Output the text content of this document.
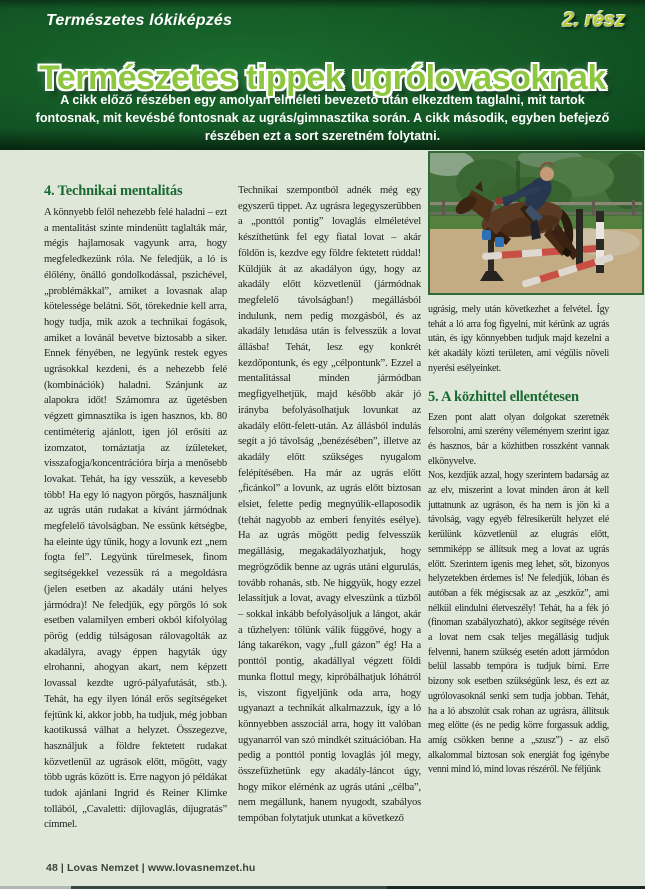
Természetes lókiképzés	2. rész
Természetes tippek ugrólovasoknak

A cikk előző részében egy amolyan elméleti bevezető után elkezdtem taglalni, mit tartok fontosnak, mit kevésbé fontosnak az ugrás/gimnasztika során. A cikk második, egyben befejező részében ezt a sort szeretném folytatni.

4. Technikai mentalitás

A könnyebb felől nehezebb felé haladni – ezt a mentalitást szinte mindenütt taglalták már, mégis hajlamosak vagyunk arra, hogy megfeledkezünk róla. Ne feledjük, a ló is élőlény, önálló gondolkodással, pszichével, „problémákkal”, amiket a lovasnak alap kötelessége belátni. Sőt, törekednie kell arra, hogy tudja, mik azok a technikai fogások, amiket a lovánál bevetve biztosabb a siker. Ennek fényében, ne legyünk restek egyes ugrásokkal kezdeni, és a nehezebb felé (kombinációk) haladni. Szánjunk az alapokra időt! Számomra az ügetésben végzett gimnasztika is igen hasznos, kb. 80 centiméterig ajánlott, igen jól erősíti az izomzatot, tornáztatja az ízületeket, visszafogja/koncentrációra bírja a menősebb lovakat. Tehát, ha így vesszük, a kevesebb több! Ha egy ló nagyon pörgős, használjunk az ugrás után rudakat a kívánt jármódnak megfelelő távolságban. Ne essünk kétségbe, ha eleinte úgy tűnik, hogy a lovunk ezt „nem fogta fel”. Legyünk türelmesek, finom segítségekkel vezessük rá a megoldásra (jelen esetben az akadály utáni helyes jármódra)! Ne feledjük, egy pörgős ló sok esetben valamilyen emberi okból kifolyólag pörög (eddig túlságosan rálovagolták az akadályra, avagy éppen hagyták úgy elrohanni, ahogyan akart, nem képzett lovassal kezdte ugró-pályafutását, stb.). Tehát, ha egy ilyen lónál erős segítségeket fejtünk ki, akkor jobb, ha tudjuk, még jobban kaotikussá válhat a helyzet. Összegezve, használjuk a földre fektetett rudakat közvetlenül az ugrások előtt, mögött, vagy több ugrás között is. Erre nagyon jó példákat tudok ajánlani Ingrid és Reiner Klimke tollából, „Cavaletti: díjlovaglás, díjugratás” címmel.

Technikai szempontból adnék még egy egyszerű tippet. Az ugrásra legegyszerűbben a „ponttól pontig” lovaglás elméletével készíthetünk fel egy fiatal lovat – akár földön is, kezdve egy földre fektetett rúddal! Küldjük át az akadályon úgy, hogy az akadály előtt közvetlenül (jármódnak megfelelő távolságban!) megállásból indulunk, nem pedig mozgásból, és az akadály letudása után is felvesszük a lovat állásba! Tehát, lesz egy konkrét kezdőpontunk, és egy „célpontunk”. Ezzel a mentalitással minden jármódban megfigyelhetjük, majd később akár jó irányba befolyásolhatjuk lovunkat az akadály előtt-felett-után. Az állásból indulás segít a jó távolság „benézésében”, illetve az akadály előtt szükséges nyugalom felépítésében. Ha már az ugrás előtt „ficánkol” a lovunk, az ugrás előtt biztosan elsiet, felette pedig megnyúlik-ellaposodik (tehát nagyobb az emberi fenyítés esélye). Ha az ugrás mögött pedig felvesszük megállásig, megakadályozhatjuk, hogy megrögződik benne az ugrás utáni elgurulás, tovább rohanás, stb. Ne higgyük, hogy ezzel lelassítjuk a lovat, avagy elveszünk a tűzből – sokkal inkább befolyásoljuk a lángot, akár a tűzhelyen: tőlünk válik függővé, hogy a láng takarékon, vagy „full gázon” ég! Ha a ponttól pontig, akadállyal végzett földi munka flottul megy, kipróbálhatjuk lóhátról is, viszont figyeljünk oda arra, hogy ugyanazt a technikát alkalmazzuk, így a ló könnyebben asszociál arra, hogy itt valóban ugyanarról van szó mindkét szituációban. Ha pedig a ponttól pontig lovaglás jól megy, összefűzhetünk egy akadály-láncot úgy, hogy mikor elérnénk az ugrás utáni „célba”, nem megállunk, hanem nyugodt, szabályos tempóban folytatjuk utunkat a következő

ugrásig, mely után következhet a felvétel. Így tehát a ló arra fog figyelni, mit kérünk az ugrás után, és így könnyebben tudjuk majd kezelni a két akadály közti területen, ami végülis növeli nyerési esélyeinket.

5. A közhittel ellentétesen

Ezen pont alatt olyan dolgokat szeretnék felsorolni, ami szerény véleményem szerint igaz és hasznos, bár a közhitben rosszként vannak elkönyvelve.

Nos, kezdjük azzal, hogy szerintem badarság az az elv, miszerint a lovat minden áron át kell juttatnunk az ugráson, és ha nem is jön ki a távolság, vagy egyéb félresikerült helyzet elé kerülünk közvetlenül az elugrás előtt, semmiképp se állítsuk meg a lovat az ugrás előtt. Szerintem igenis meg lehet, sőt, bizonyos helyzetekben érdemes is! Ne feledjük, lóban és autóban a fék mégiscsak az az „eszköz”, ami nélkül elindulni életveszély! Tehát, ha a fék jó (finoman szabályozható), akkor segítsége révén a lovat nem csak teljes megállásig tudjuk felvenni, hanem szükség esetén adott jármódon belül lassabb tempóra is tudjuk bírni. Erre bizony sok esetben szükségünk lesz, és ezt az ugrólovasoknál senki sem tudja jobban. Tehát, ha a ló abszolút csak rohan az ugrásra, állítsuk meg előtte (és ne pedig körre forgassuk addig, amíg csökken benne a „szusz”) - az első alkalommal biztosan sok energiát fog igénybe venni mind ló, mind lovas részéről. Ne féljünk

48 | Lovas Nemzet | www.lovasnemzet.hu
